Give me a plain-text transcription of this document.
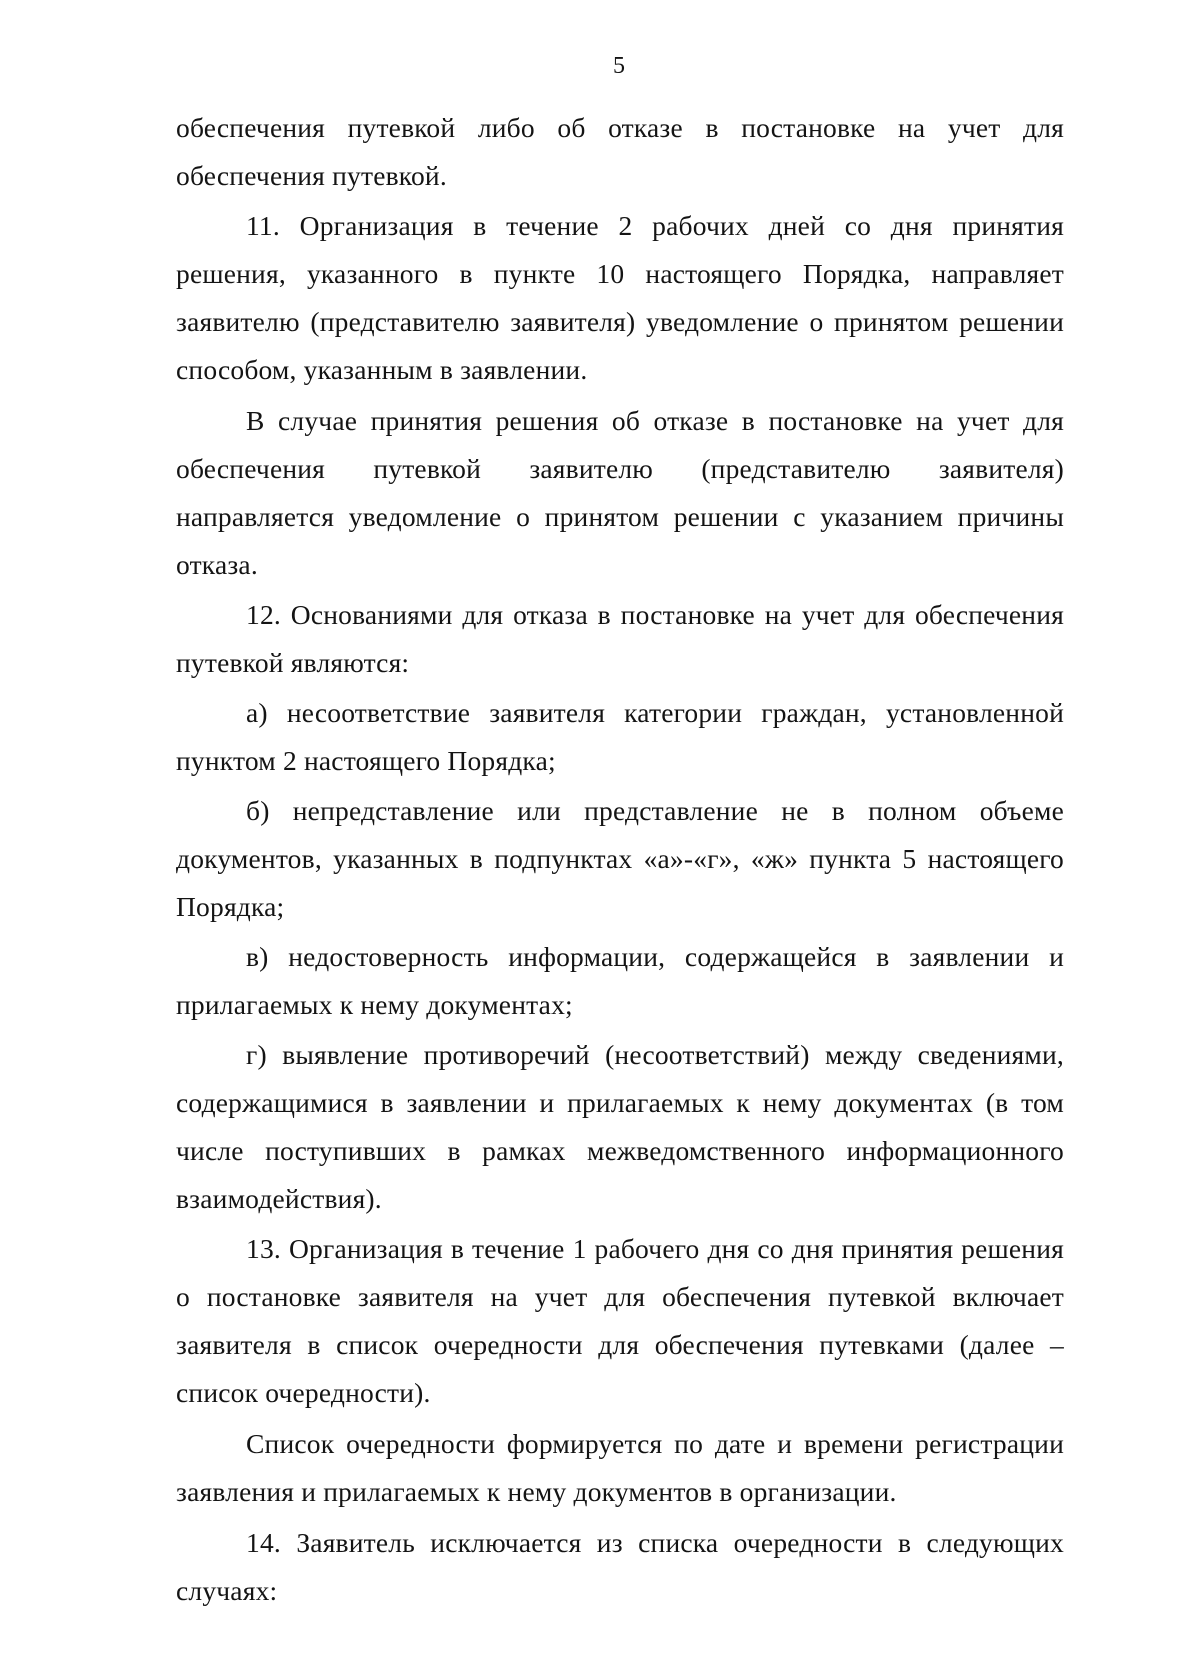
5

обеспечения путевкой либо об отказе в постановке на учет для обеспечения путевкой.

11. Организация в течение 2 рабочих дней со дня принятия решения, указанного в пункте 10 настоящего Порядка, направляет заявителю (представителю заявителя) уведомление о принятом решении способом, указанным в заявлении.

В случае принятия решения об отказе в постановке на учет для обеспечения путевкой заявителю (представителю заявителя) направляется уведомление о принятом решении с указанием причины отказа.

12. Основаниями для отказа в постановке на учет для обеспечения путевкой являются:

а) несоответствие заявителя категории граждан, установленной пунктом 2 настоящего Порядка;

б) непредставление или представление не в полном объеме документов, указанных в подпунктах «а»-«г», «ж» пункта 5 настоящего Порядка;

в) недостоверность информации, содержащейся в заявлении и прилагаемых к нему документах;

г) выявление противоречий (несоответствий) между сведениями, содержащимися в заявлении и прилагаемых к нему документах (в том числе поступивших в рамках межведомственного информационного взаимодействия).

13. Организация в течение 1 рабочего дня со дня принятия решения о постановке заявителя на учет для обеспечения путевкой включает заявителя в список очередности для обеспечения путевками (далее – список очередности).

Список очередности формируется по дате и времени регистрации заявления и прилагаемых к нему документов в организации.

14. Заявитель исключается из списка очередности в следующих случаях:
